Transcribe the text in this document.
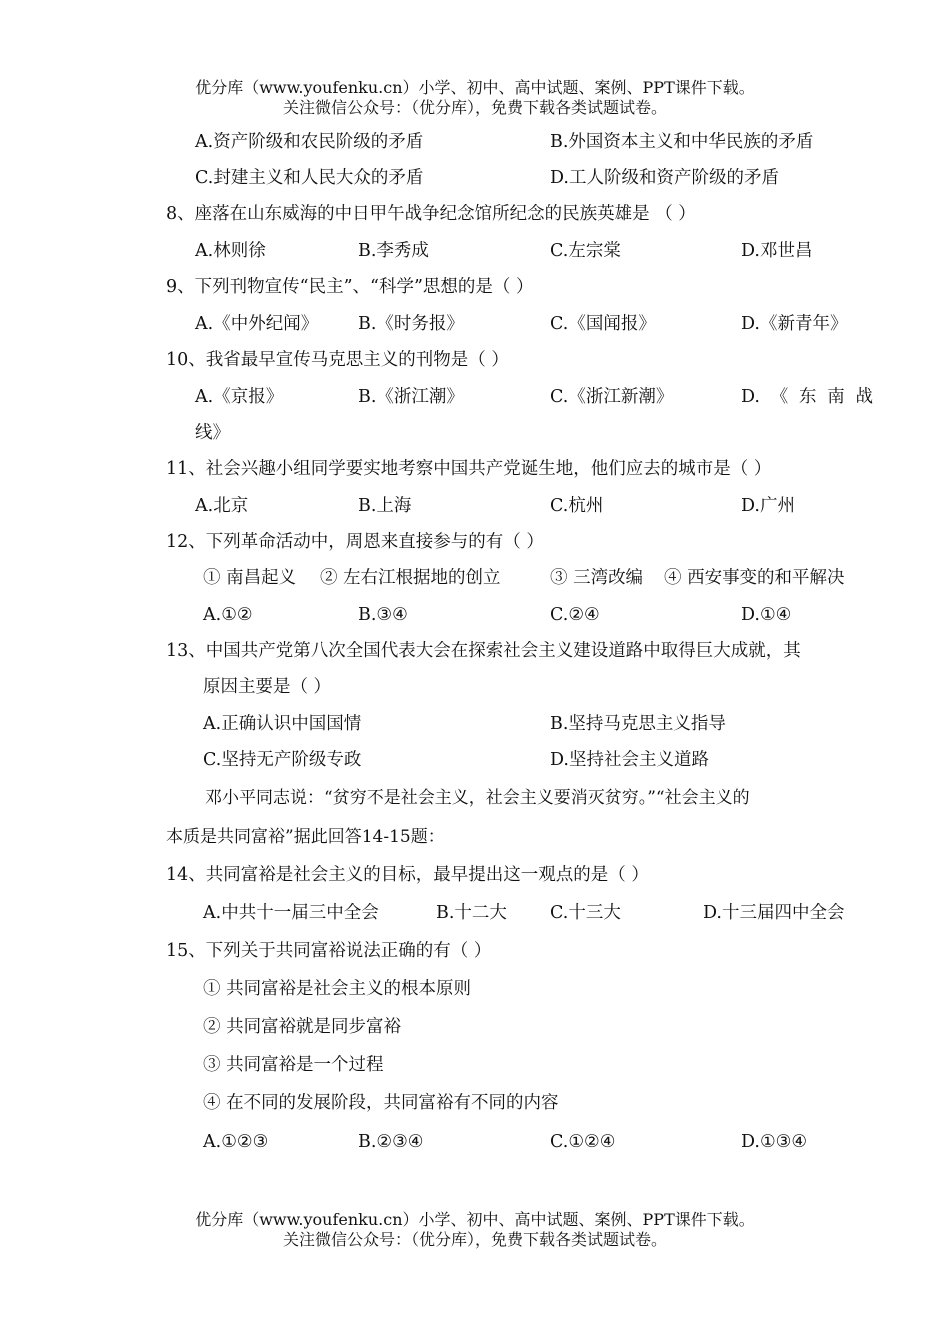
优分库（www.youfenku.cn）小学、初中、高中试题、案例、PPT课件下载。
关注微信公众号：（优分库），免费下载各类试题试卷。
A.资产阶级和农民阶级的矛盾	B.外国资本主义和中华民族的矛盾
C.封建主义和人民大众的矛盾	D.工人阶级和资产阶级的矛盾
8、座落在山东威海的中日甲午战争纪念馆所纪念的民族英雄是 （ ）
A.林则徐	B.李秀成	C.左宗棠	D.邓世昌
9、下列刊物宣传“民主”、“科学”思想的是（ ）
A.《中外纪闻》 B.《时务报》	C.《国闻报》	D.《新青年》
10、我省最早宣传马克思主义的刊物是（ ）
A.《京报》	B.《浙江潮》	C.《浙江新潮》	D. 《 东 南 战
线》
11、社会兴趣小组同学要实地考察中国共产党诞生地，他们应去的城市是（ ）
A.北京	B.上海	C.杭州	D.广州
12、下列革命活动中，周恩来直接参与的有（ ）
① 南昌起义 ② 左右江根据地的创立	③ 三湾改编 ④ 西安事变的和平解决
A.①②	B.③④	C.②④	D.①④
13、中国共产党第八次全国代表大会在探索社会主义建设道路中取得巨大成就，其
原因主要是（ ）
A.正确认识中国国情	B.坚持马克思主义指导
C.坚持无产阶级专政	D.坚持社会主义道路
邓小平同志说：“贫穷不是社会主义，社会主义要消灭贫穷。”“社会主义的
本质是共同富裕”据此回答14-15题：
14、共同富裕是社会主义的目标，最早提出这一观点的是（ ）
A.中共十一届三中全会	B.十二大 C.十三大	D.十三届四中全会
15、下列关于共同富裕说法正确的有（ ）
① 共同富裕是社会主义的根本原则
② 共同富裕就是同步富裕
③ 共同富裕是一个过程
④ 在不同的发展阶段，共同富裕有不同的内容
A.①②③	B.②③④	C.①②④	D.①③④
优分库（www.youfenku.cn）小学、初中、高中试题、案例、PPT课件下载。
关注微信公众号：（优分库），免费下载各类试题试卷。
